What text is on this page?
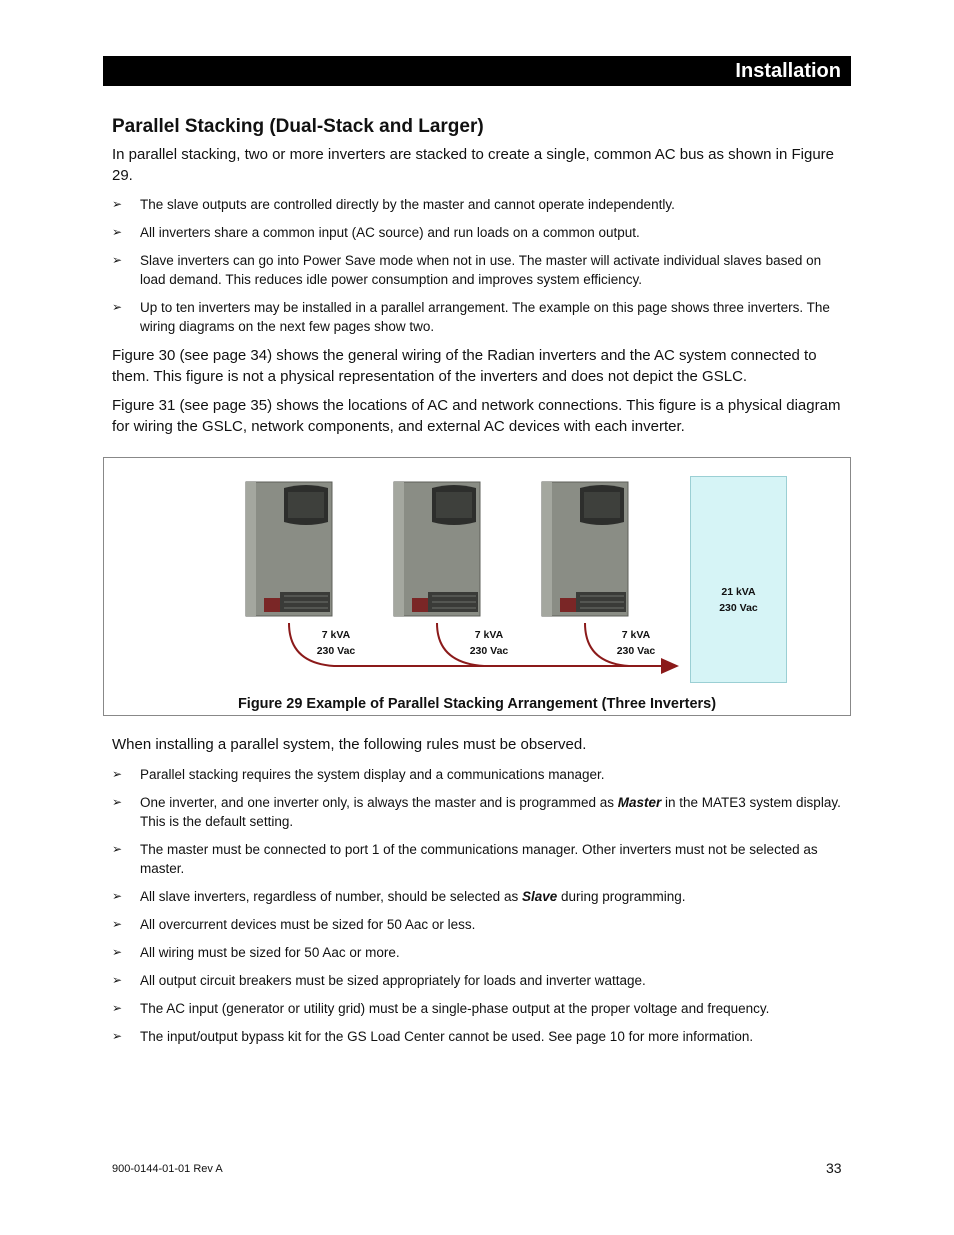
Installation
Parallel Stacking (Dual-Stack and Larger)

In parallel stacking, two or more inverters are stacked to create a single, common AC bus as shown in Figure 29.

➢ The slave outputs are controlled directly by the master and cannot operate independently.
➢ All inverters share a common input (AC source) and run loads on a common output.
➢ Slave inverters can go into Power Save mode when not in use. The master will activate individual slaves based on load demand. This reduces idle power consumption and improves system efficiency.
➢ Up to ten inverters may be installed in a parallel arrangement. The example on this page shows three inverters. The wiring diagrams on the next few pages show two.

Figure 30 (see page 34) shows the general wiring of the Radian inverters and the AC system connected to them. This figure is not a physical representation of the inverters and does not depict the GSLC.

Figure 31 (see page 35) shows the locations of AC and network connections. This figure is a physical diagram for wiring the GSLC, network components, and external AC devices with each inverter.

7 kVA
230 Vac
7 kVA
230 Vac
7 kVA
230 Vac
21 kVA
230 Vac
Figure 29 Example of Parallel Stacking Arrangement (Three Inverters)

When installing a parallel system, the following rules must be observed.

➢ Parallel stacking requires the system display and a communications manager.
➢ One inverter, and one inverter only, is always the master and is programmed as Master in the MATE3 system display. This is the default setting.
➢ The master must be connected to port 1 of the communications manager. Other inverters must not be selected as master.
➢ All slave inverters, regardless of number, should be selected as Slave during programming.
➢ All overcurrent devices must be sized for 50 Aac or less.
➢ All wiring must be sized for 50 Aac or more.
➢ All output circuit breakers must be sized appropriately for loads and inverter wattage.
➢ The AC input (generator or utility grid) must be a single-phase output at the proper voltage and frequency.
➢ The input/output bypass kit for the GS Load Center cannot be used. See page 10 for more information.
900-0144-01-01 Rev A	33
